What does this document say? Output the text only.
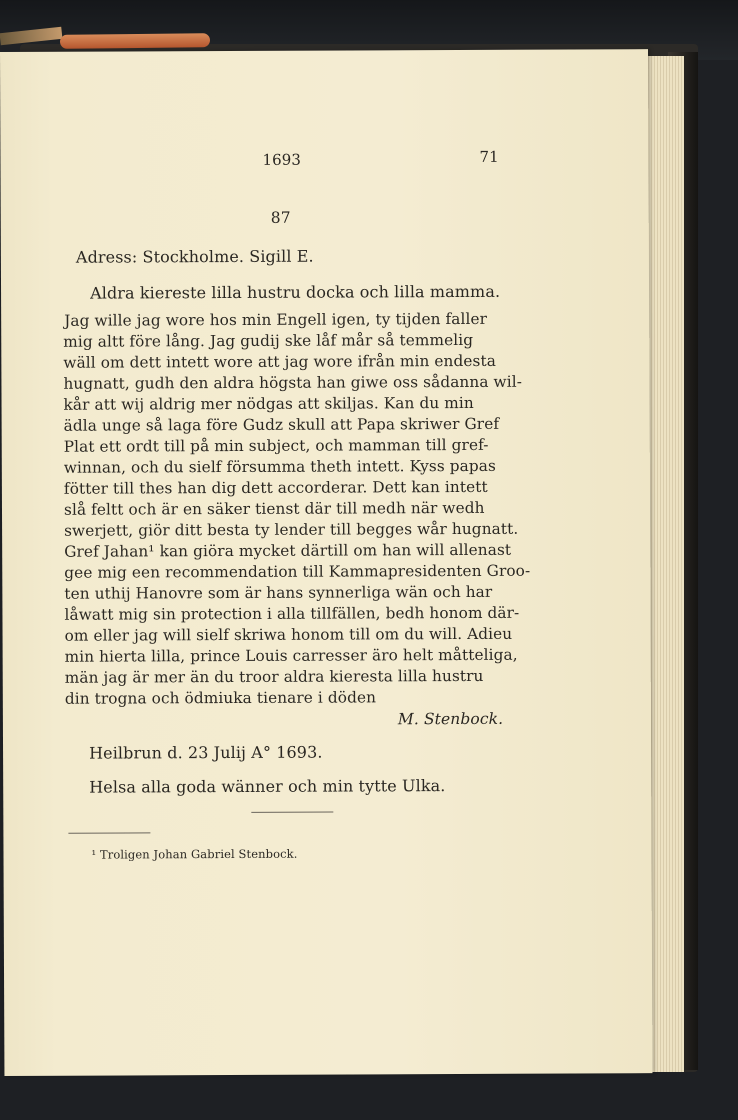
1693	71
87
Adress: Stockholme. Sigill E.
Aldra kiereste lilla hustru docka och lilla mamma.
Jag wille jag wore hos min Engell igen, ty tijden faller
mig altt före lång. Jag gudij ske låf mår så temmelig
wäll om dett intett wore att jag wore ifrån min endesta
hugnatt, gudh den aldra högsta han giwe oss sådanna wil-
kår att wij aldrig mer nödgas att skiljas. Kan du min
ädla unge så laga före Gudz skull att Papa skriwer Gref
Plat ett ordt till på min subject, och mamman till gref-
winnan, och du sielf försumma theth intett. Kyss papas
fötter till thes han dig dett accorderar. Dett kan intett
slå feltt och är en säker tienst där till medh när wedh
swerjett, giör ditt besta ty lender till begges wår hugnatt.
Gref Jahan¹ kan giöra mycket därtill om han will allenast
gee mig een recommendation till Kammapresidenten Groo-
ten uthij Hanovre som är hans synnerliga wän och har
låwatt mig sin protection i alla tillfällen, bedh honom där-
om eller jag will sielf skriwa honom till om du will. Adieu
min hierta lilla, prince Louis carresser äro helt måtteliga,
män jag är mer än du troor aldra kieresta lilla hustru
din trogna och ödmiuka tienare i döden
M. Stenbock.
Heilbrun d. 23 Julij A° 1693.
Helsa alla goda wänner och min tytte Ulka.
¹ Troligen Johan Gabriel Stenbock.
